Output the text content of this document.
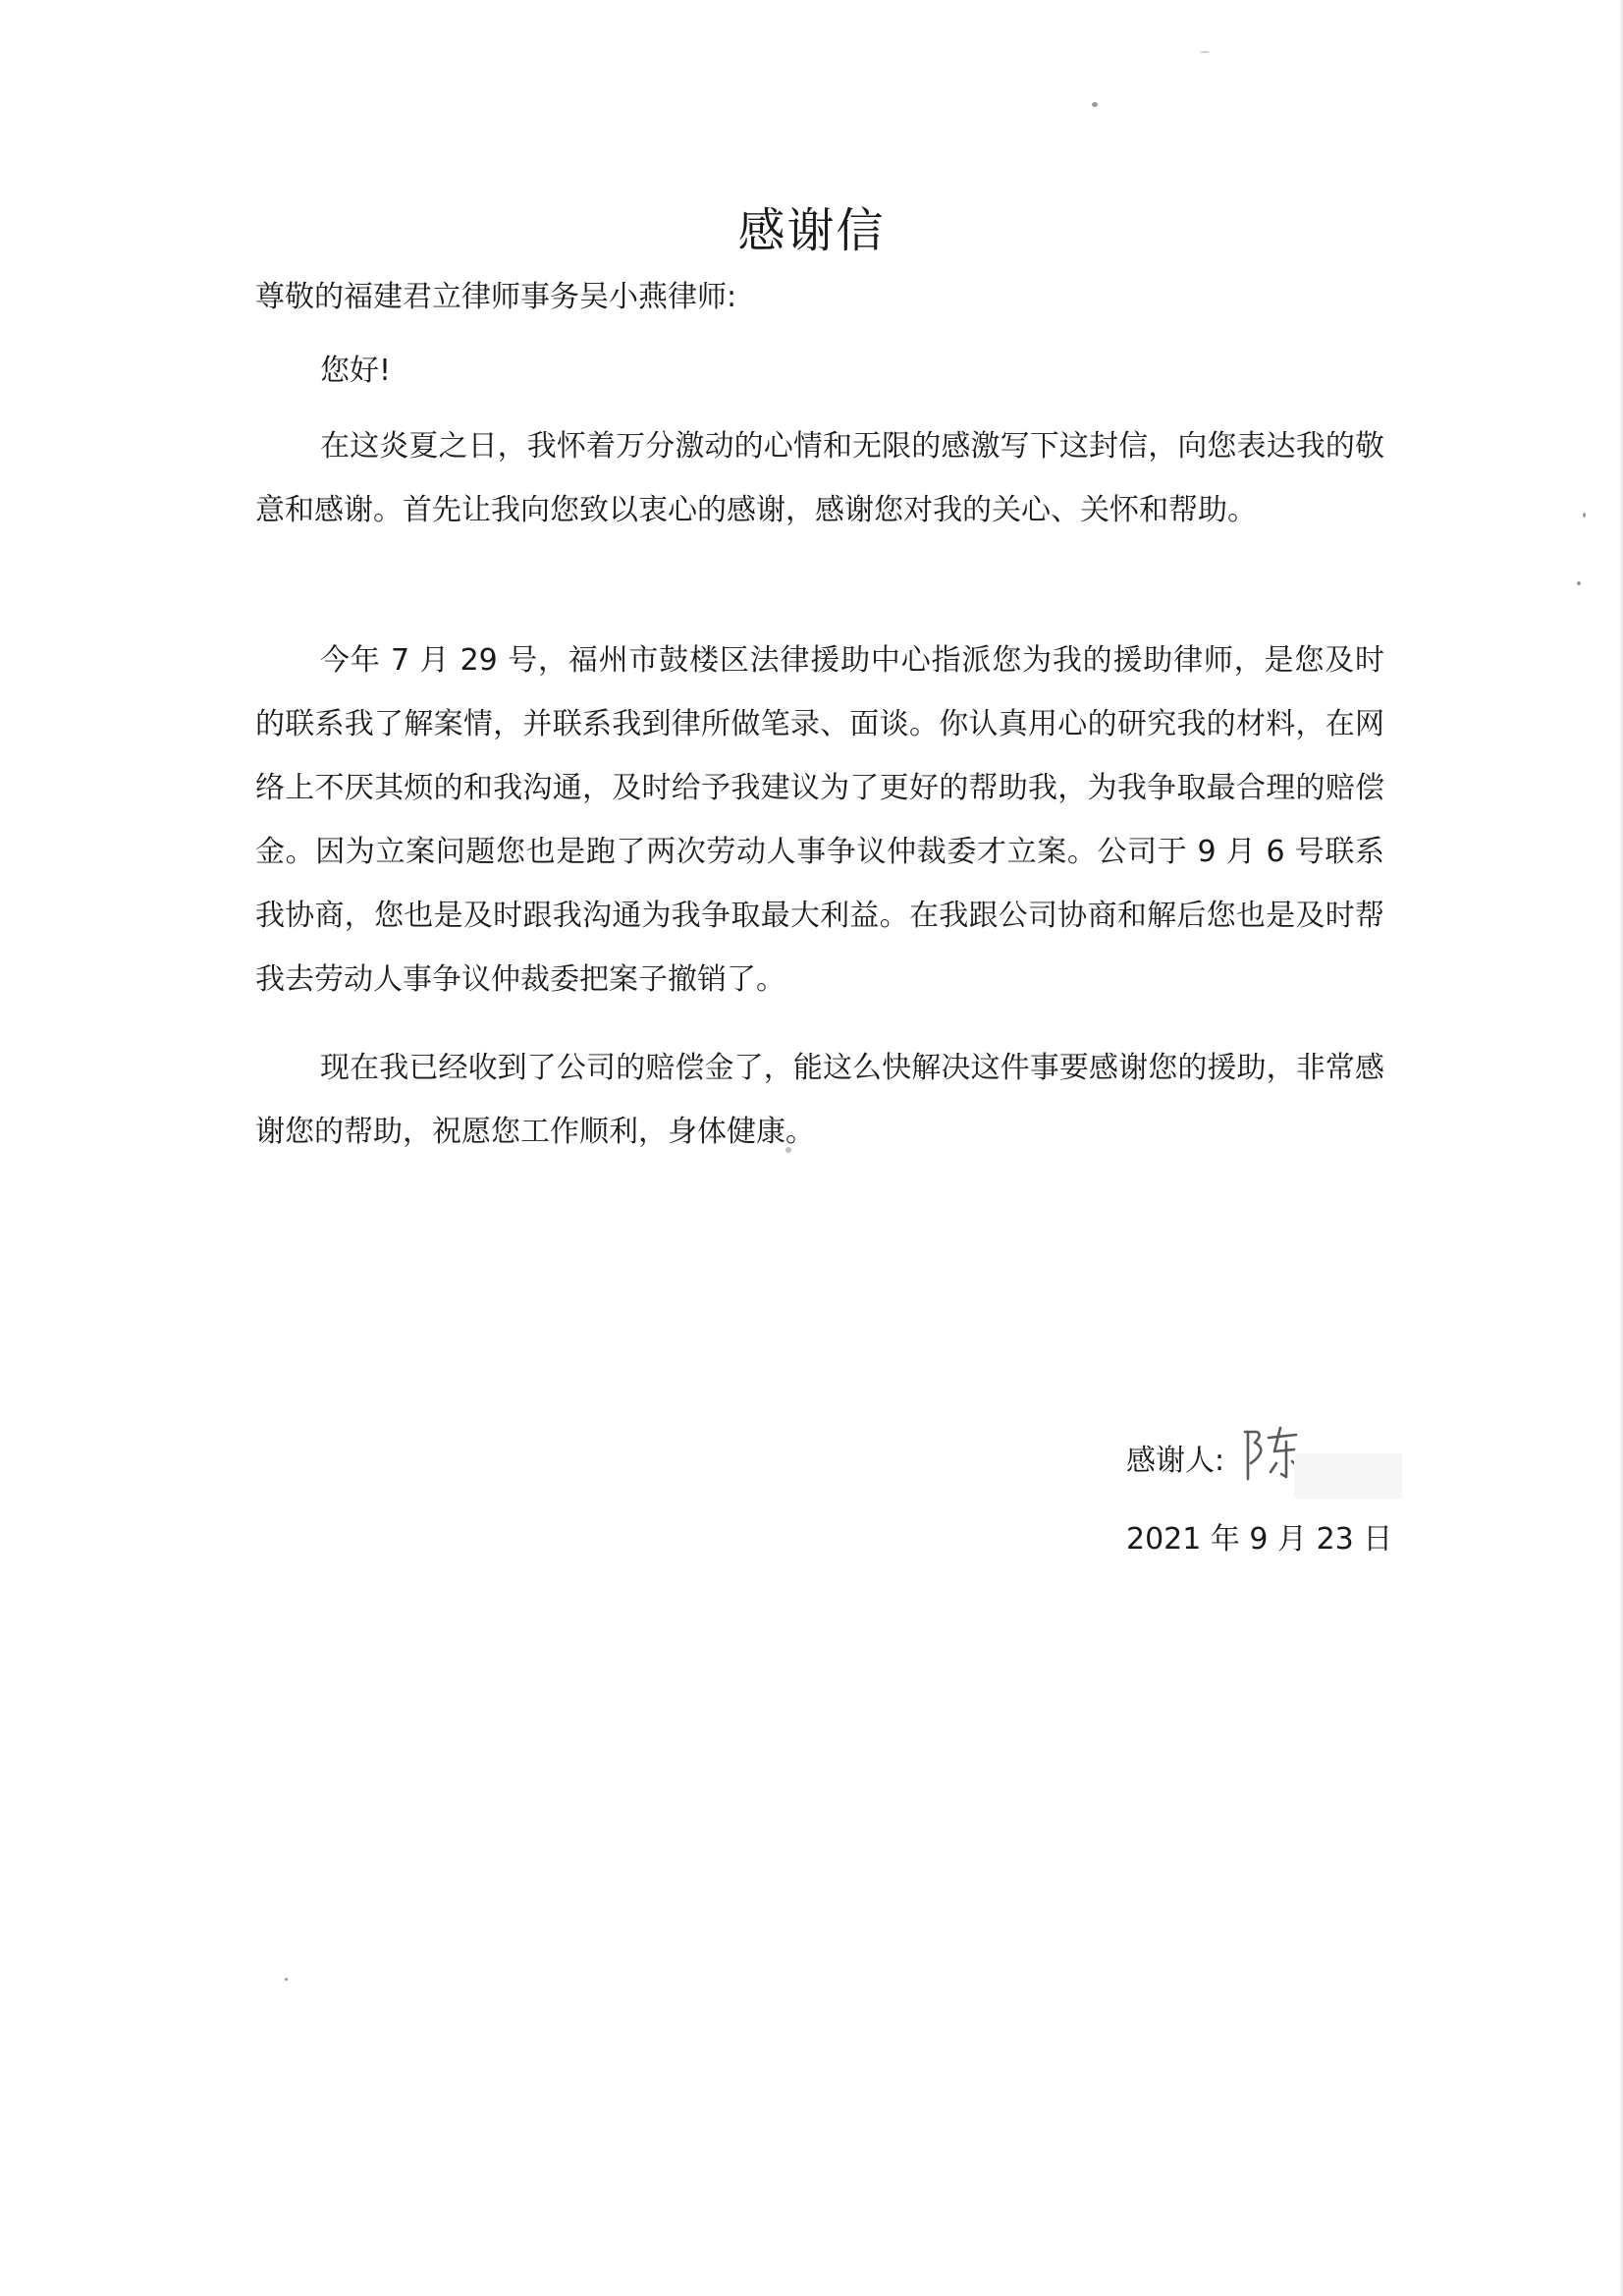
感谢信
尊敬的福建君立律师事务吴小燕律师:
您好!

在这炎夏之日，我怀着万分激动的心情和无限的感激写下这封信，向您表达我的敬意和感谢。首先让我向您致以衷心的感谢，感谢您对我的关心、关怀和帮助。

今年 7 月 29 号，福州市鼓楼区法律援助中心指派您为我的援助律师，是您及时的联系我了解案情，并联系我到律所做笔录、面谈。你认真用心的研究我的材料，在网络上不厌其烦的和我沟通，及时给予我建议为了更好的帮助我，为我争取最合理的赔偿金。因为立案问题您也是跑了两次劳动人事争议仲裁委才立案。公司于 9 月 6 号联系我协商，您也是及时跟我沟通为我争取最大利益。在我跟公司协商和解后您也是及时帮我去劳动人事争议仲裁委把案子撤销了。

现在我已经收到了公司的赔偿金了，能这么快解决这件事要感谢您的援助，非常感谢您的帮助，祝愿您工作顺利，身体健康。

感谢人:
2021 年 9 月 23 日
